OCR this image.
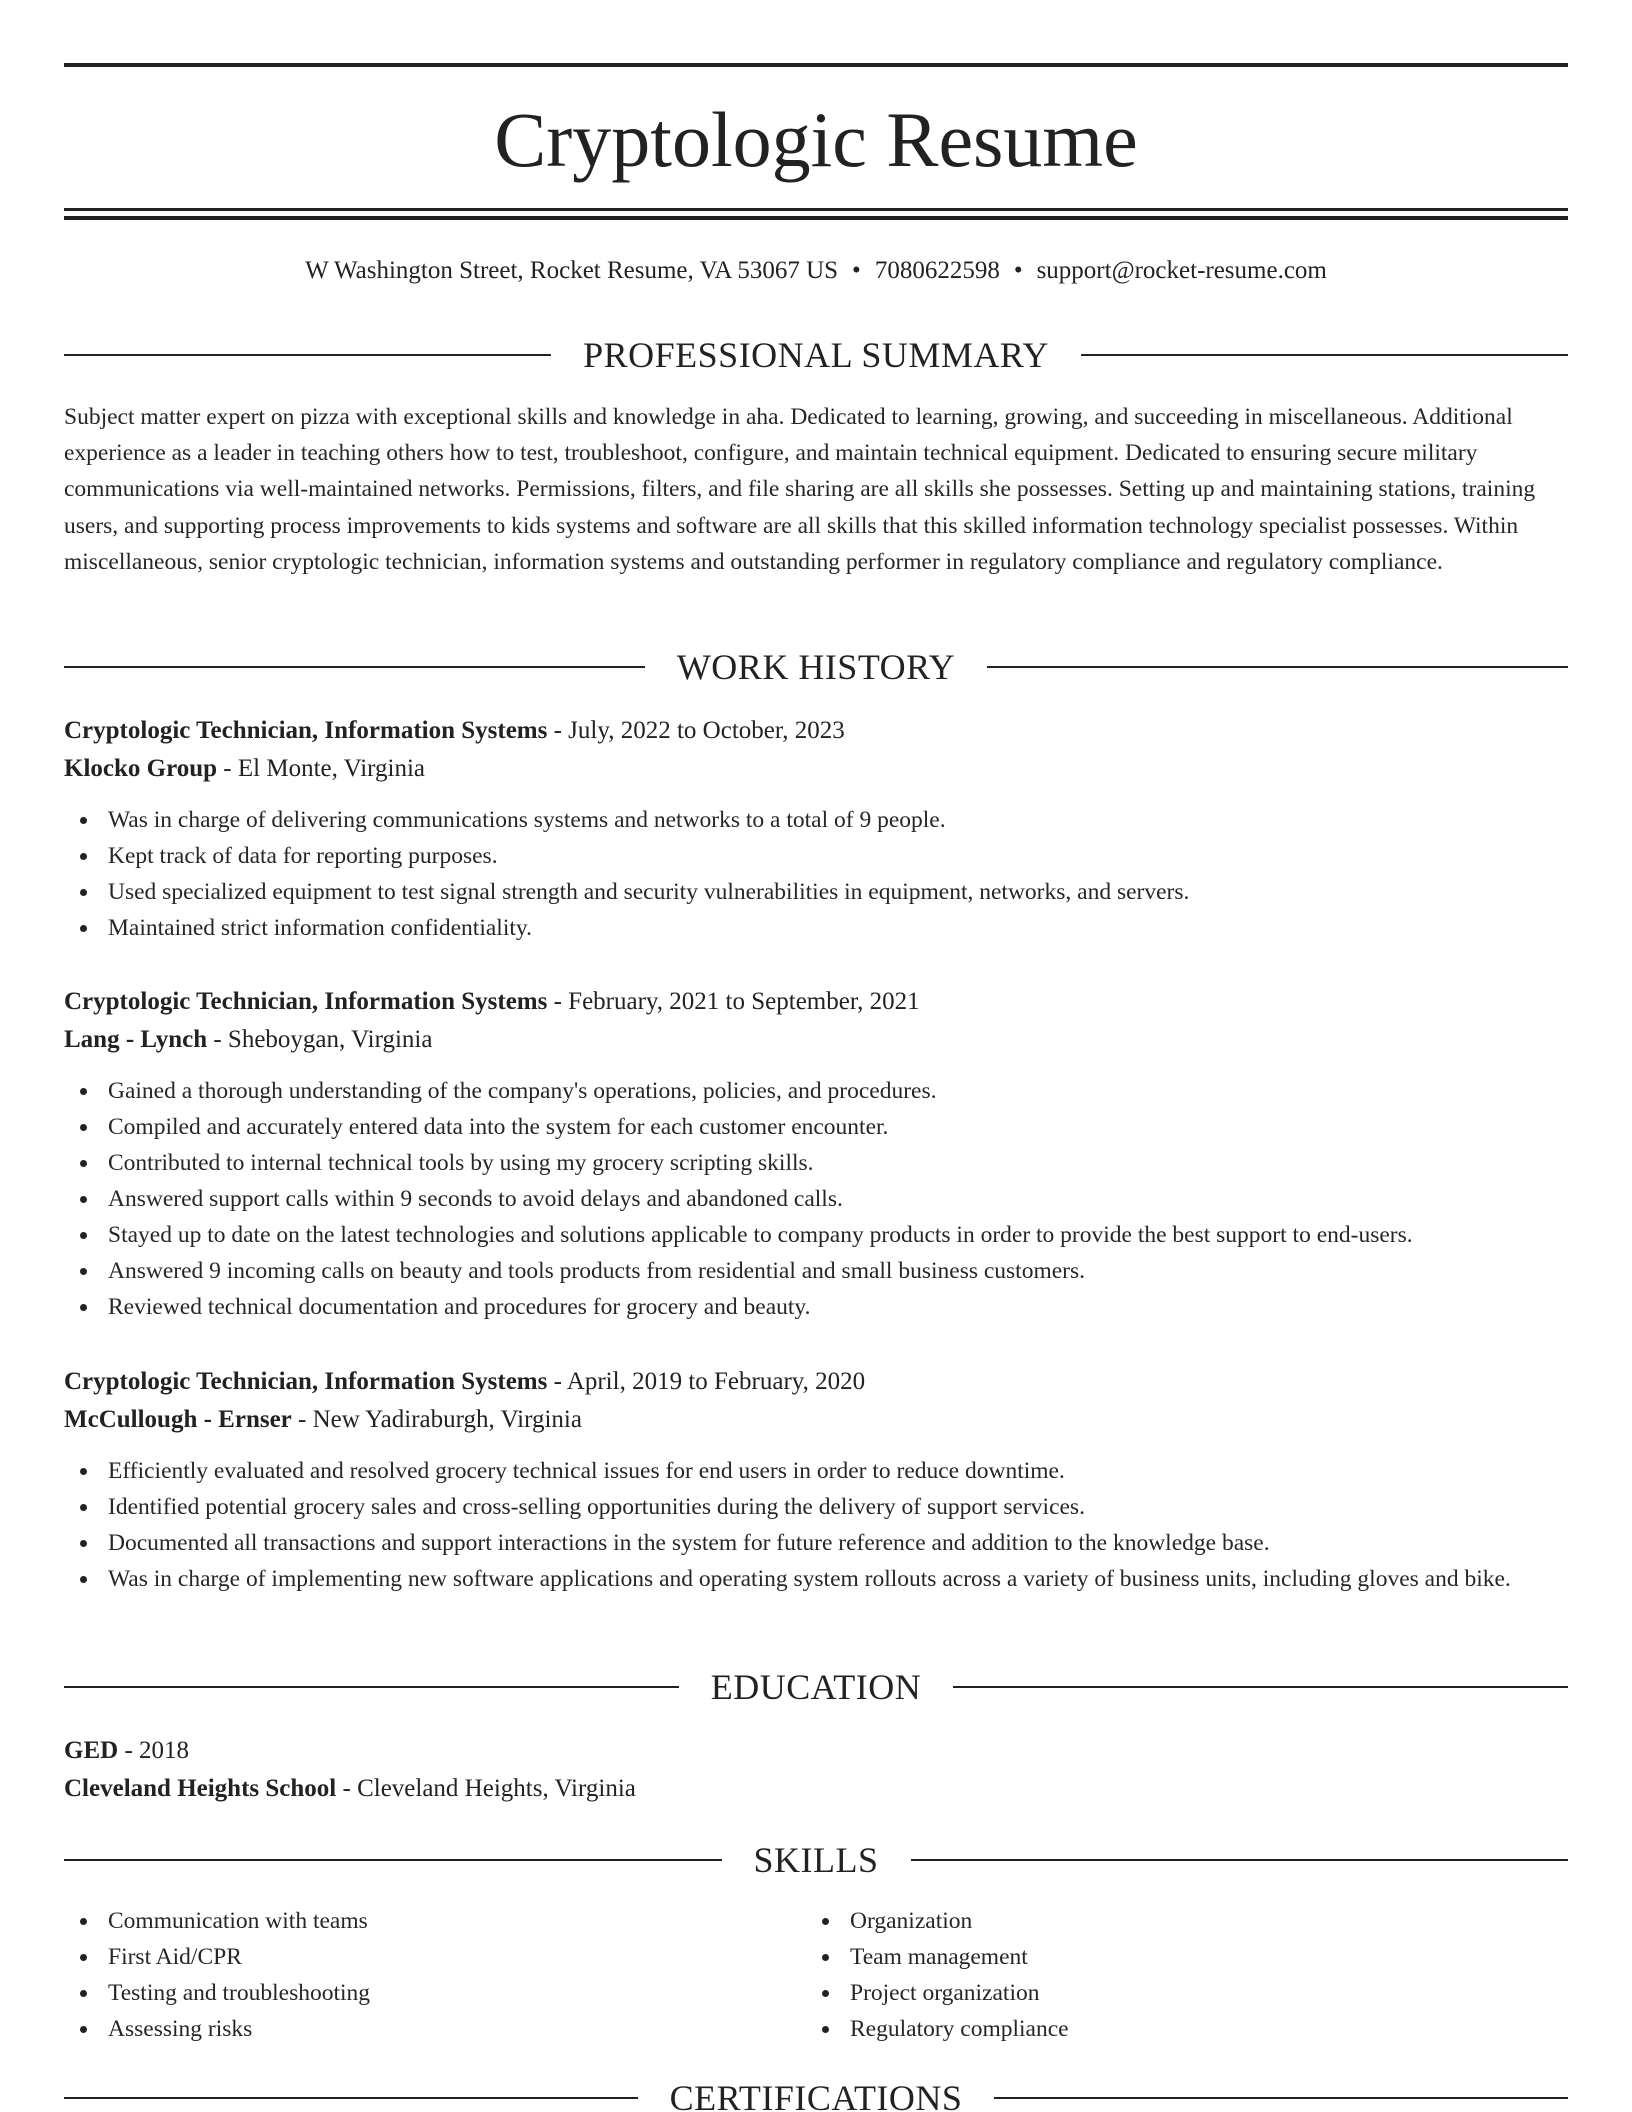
Cryptologic Resume
W Washington Street, Rocket Resume, VA 53067 US • 7080622598 • support@rocket-resume.com
PROFESSIONAL SUMMARY
Subject matter expert on pizza with exceptional skills and knowledge in aha. Dedicated to learning, growing, and succeeding in miscellaneous. Additional experience as a leader in teaching others how to test, troubleshoot, configure, and maintain technical equipment. Dedicated to ensuring secure military communications via well-maintained networks. Permissions, filters, and file sharing are all skills she possesses. Setting up and maintaining stations, training users, and supporting process improvements to kids systems and software are all skills that this skilled information technology specialist possesses. Within miscellaneous, senior cryptologic technician, information systems and outstanding performer in regulatory compliance and regulatory compliance.
WORK HISTORY
Cryptologic Technician, Information Systems - July, 2022 to October, 2023
Klocko Group - El Monte, Virginia
Was in charge of delivering communications systems and networks to a total of 9 people.
Kept track of data for reporting purposes.
Used specialized equipment to test signal strength and security vulnerabilities in equipment, networks, and servers.
Maintained strict information confidentiality.
Cryptologic Technician, Information Systems - February, 2021 to September, 2021
Lang - Lynch - Sheboygan, Virginia
Gained a thorough understanding of the company's operations, policies, and procedures.
Compiled and accurately entered data into the system for each customer encounter.
Contributed to internal technical tools by using my grocery scripting skills.
Answered support calls within 9 seconds to avoid delays and abandoned calls.
Stayed up to date on the latest technologies and solutions applicable to company products in order to provide the best support to end-users.
Answered 9 incoming calls on beauty and tools products from residential and small business customers.
Reviewed technical documentation and procedures for grocery and beauty.
Cryptologic Technician, Information Systems - April, 2019 to February, 2020
McCullough - Ernser - New Yadiraburgh, Virginia
Efficiently evaluated and resolved grocery technical issues for end users in order to reduce downtime.
Identified potential grocery sales and cross-selling opportunities during the delivery of support services.
Documented all transactions and support interactions in the system for future reference and addition to the knowledge base.
Was in charge of implementing new software applications and operating system rollouts across a variety of business units, including gloves and bike.
EDUCATION
GED - 2018
Cleveland Heights School - Cleveland Heights, Virginia
SKILLS
Communication with teams
First Aid/CPR
Testing and troubleshooting
Assessing risks
Organization
Team management
Project organization
Regulatory compliance
CERTIFICATIONS
